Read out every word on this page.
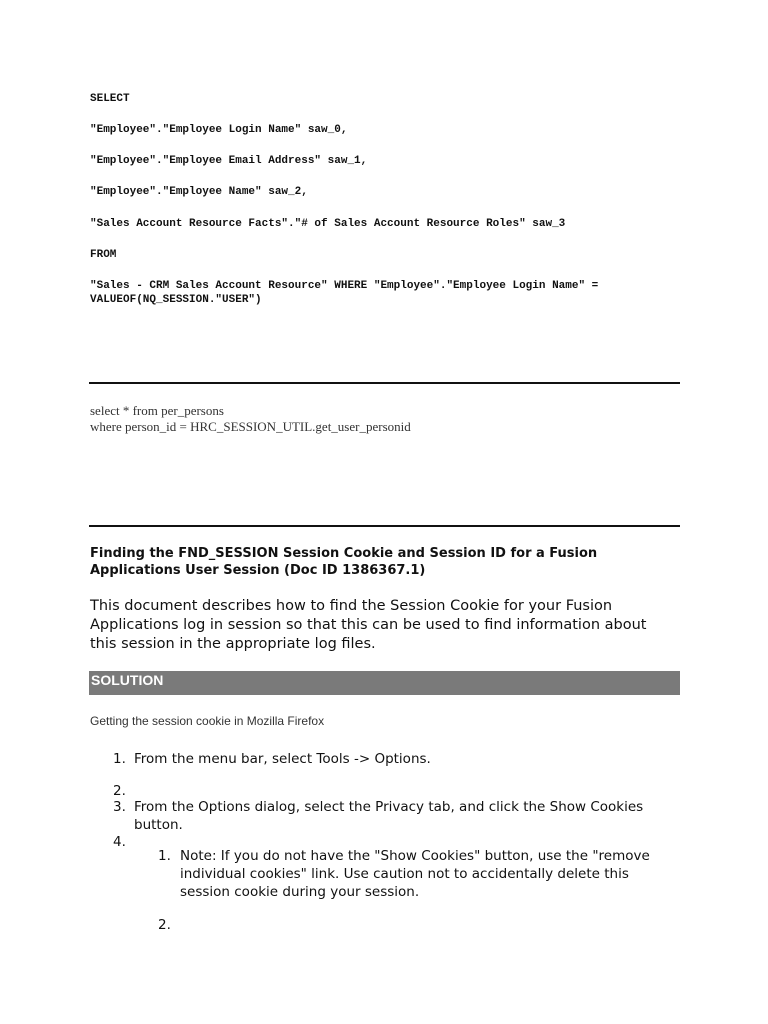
SELECT
"Employee"."Employee Login Name" saw_0,
"Employee"."Employee Email Address" saw_1,
"Employee"."Employee Name" saw_2,
"Sales Account Resource Facts"."# of Sales Account Resource Roles" saw_3
FROM
"Sales - CRM Sales Account Resource" WHERE "Employee"."Employee Login Name" =
VALUEOF(NQ_SESSION."USER")
select * from per_persons
where person_id = HRC_SESSION_UTIL.get_user_personid
Finding the FND_SESSION Session Cookie and Session ID for a Fusion Applications User Session (Doc ID 1386367.1)
This document describes how to find the Session Cookie for your Fusion Applications log in session so that this can be used to find information about this session in the appropriate log files.
SOLUTION
Getting the session cookie in Mozilla Firefox
1. From the menu bar, select Tools -> Options.
2.
3. From the Options dialog, select the Privacy tab, and click the Show Cookies button.
4.
1. Note: If you do not have the "Show Cookies" button, use the "remove individual cookies" link. Use caution not to accidentally delete this session cookie during your session.
2.
